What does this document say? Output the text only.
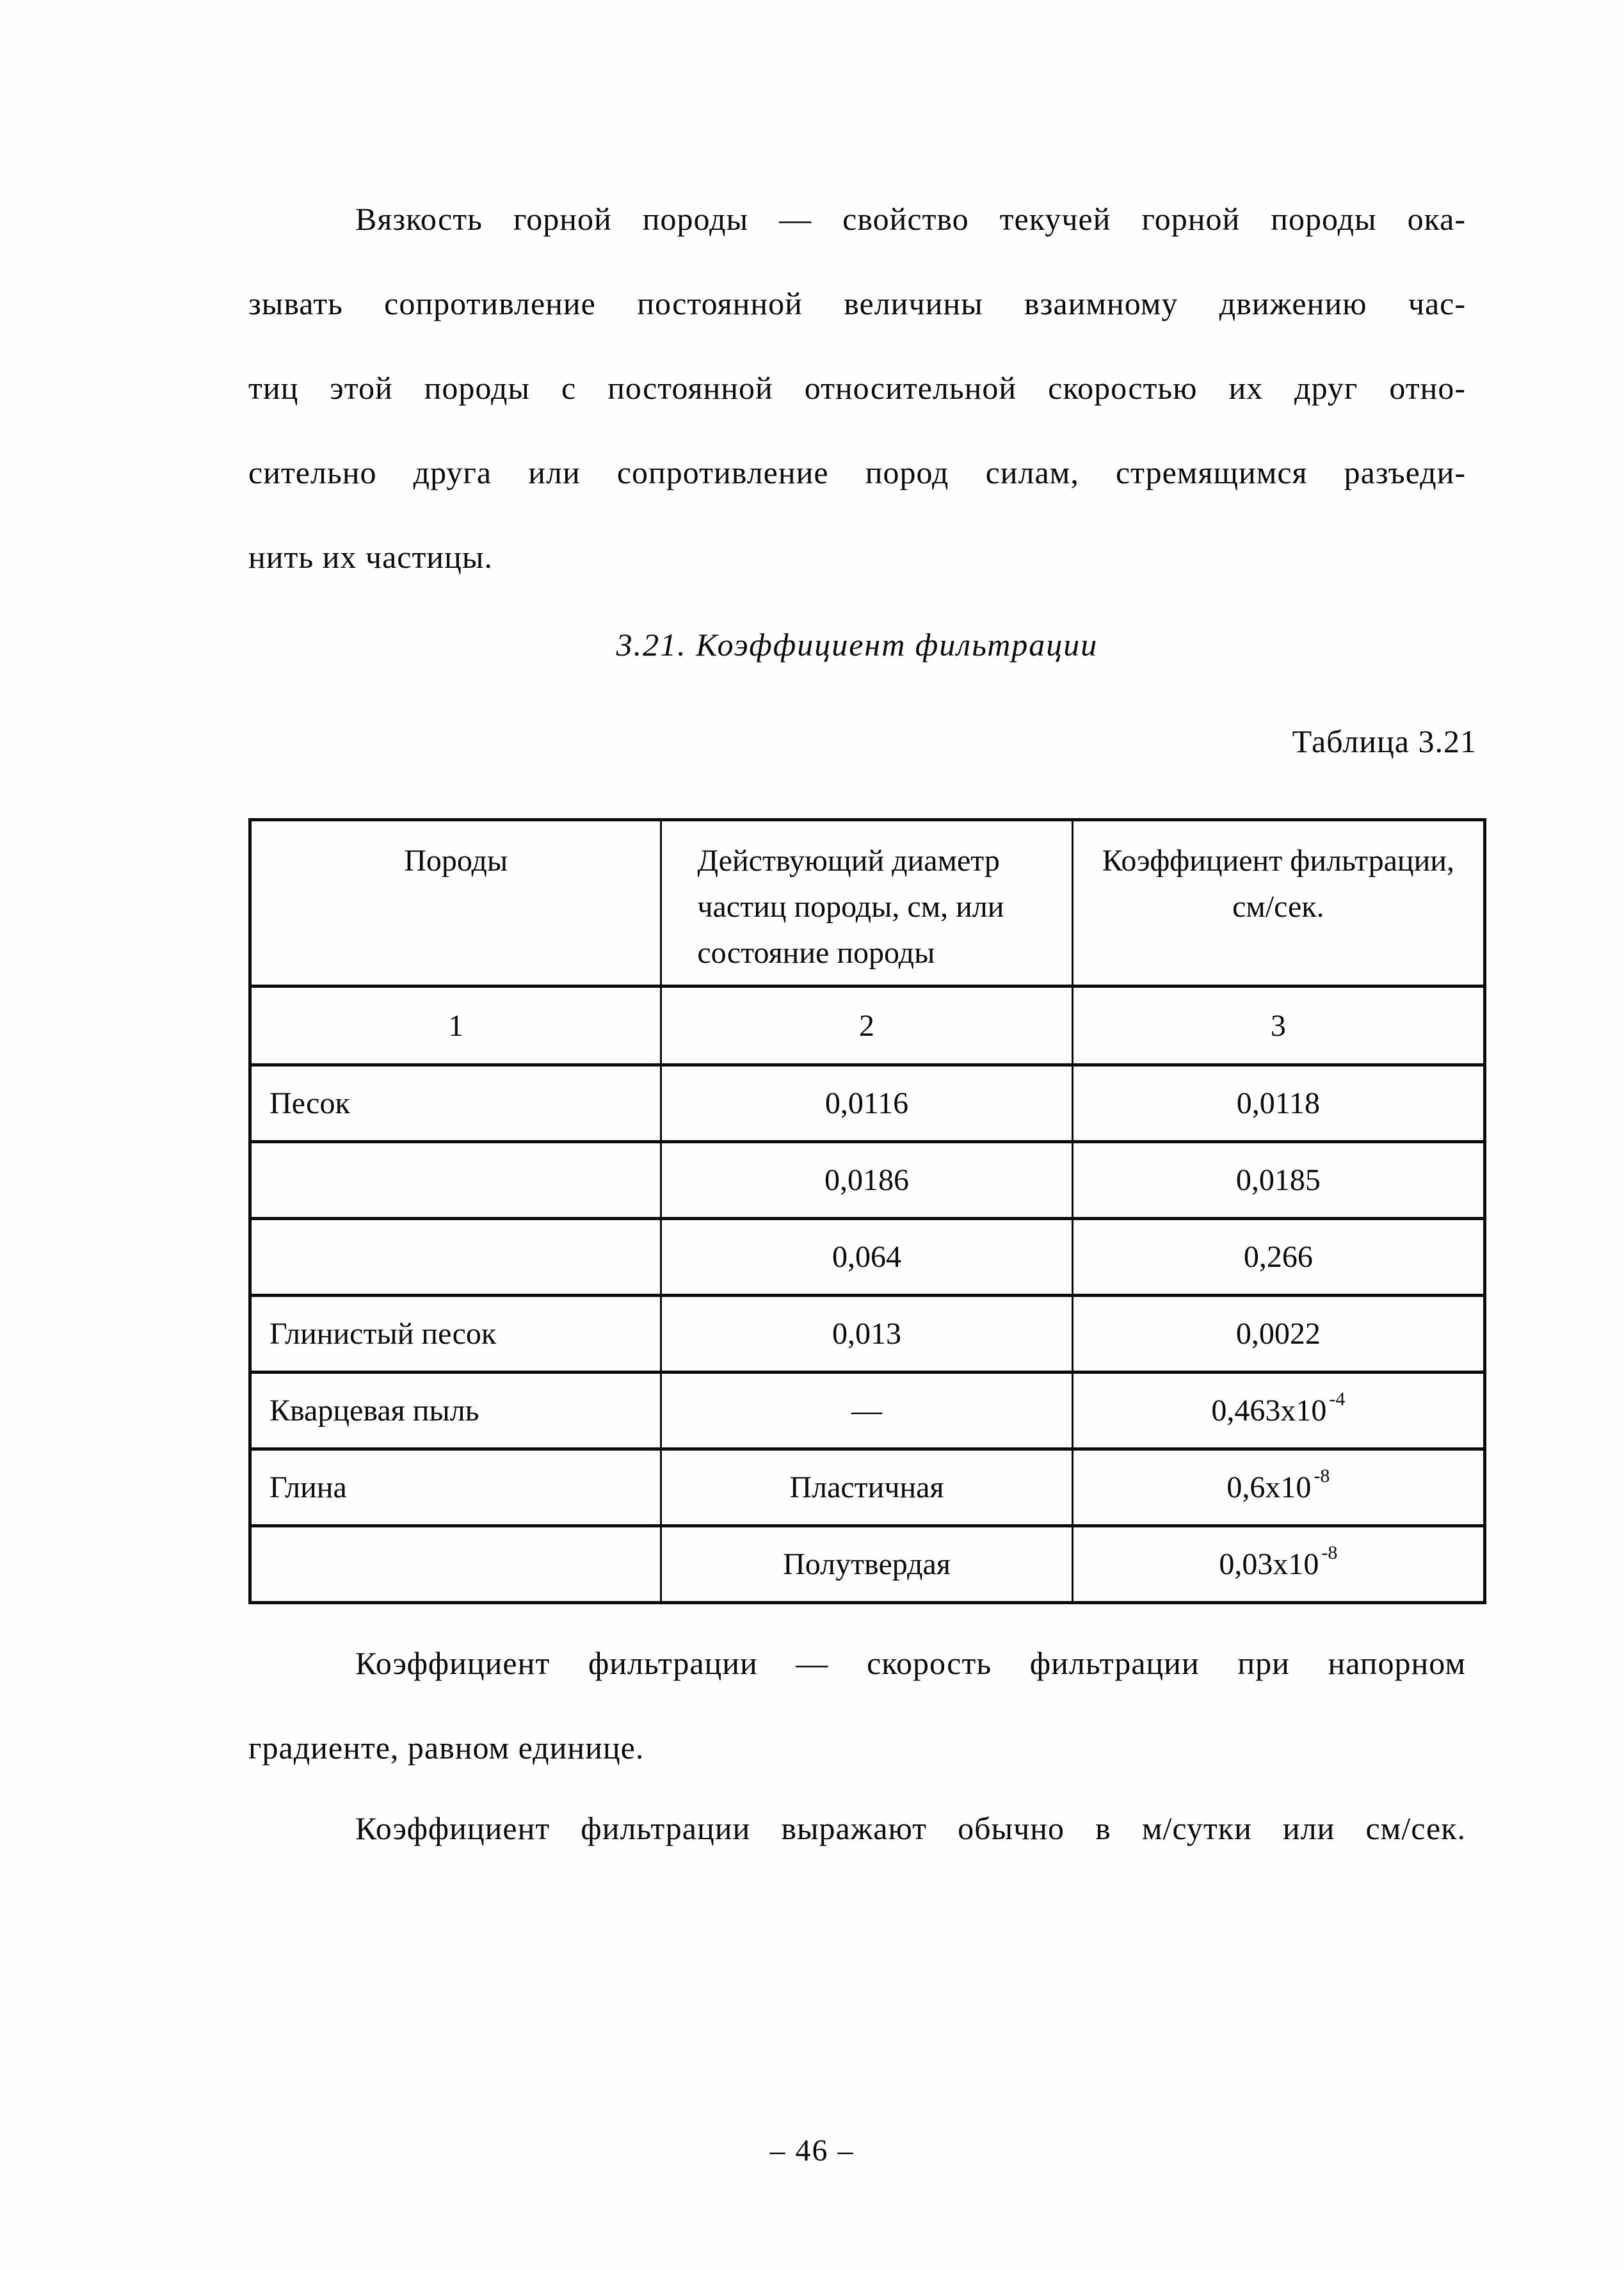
Вязкость горной породы — свойство текучей горной породы ока-
зывать сопротивление постоянной величины взаимному движению час-
тиц этой породы с постоянной относительной скоростью их друг отно-
сительно друга или сопротивление пород силам, стремящимся разъеди-
нить их частицы.
3.21. Коэффициент фильтрации
Таблица 3.21
Породы	Действующий диаметр частиц породы, см, или состояние породы	Коэффициент фильтрации, см/сек.
1	2	3
Песок	0,0116	0,0118
	0,0186	0,0185
	0,064	0,266
Глинистый песок	0,013	0,0022
Кварцевая пыль	—	0,463x10 -4
Глина	Пластичная	0,6x10 -8
	Полутвердая	0,03x10 -8
Коэффициент фильтрации — скорость фильтрации при напорном
градиенте, равном единице.
Коэффициент фильтрации выражают обычно в м/сутки или см/сек.
– 46 –
